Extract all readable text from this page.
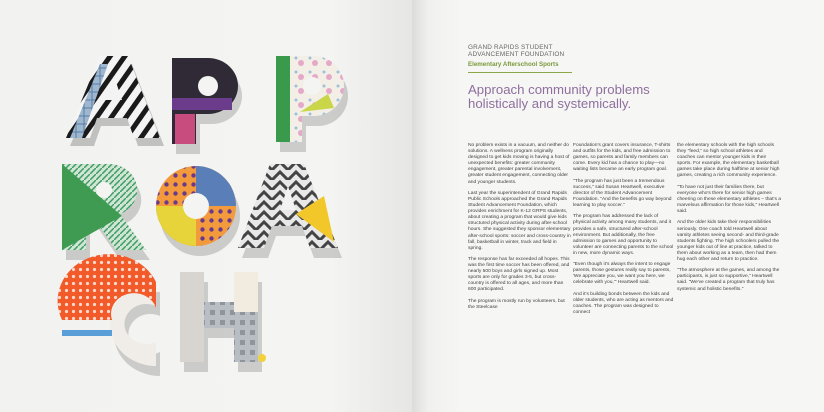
GRAND RAPIDS STUDENT
ADVANCEMENT FOUNDATION
Elementary Afterschool Sports
Approach community problems
holistically and systemically.

No problem exists in a vacuum, and neither do solutions. A wellness program originally designed to get kids moving is having a host of unexpected benefits: greater community engagement, greater parental involvement, greater student engagement, connecting older and younger students.

Last year the superintendent of Grand Rapids Public Schools approached the Grand Rapids Student Advancement Foundation, which provides enrichment for K-12 GRPS students, about creating a program that would give kids structured physical activity during after-school hours. She suggested they sponsor elementary after-school sports: soccer and cross-country in fall, basketball in winter, track and field in spring.

The response has far exceeded all hopes. This was the first time soccer has been offered, and nearly 500 boys and girls signed up. Most sports are only for grades 3-5, but cross-country is offered to all ages, and more than 600 participated.

The program is mostly run by volunteers, but the Steelcase

Foundation's grant covers insurance, T-shirts and outfits for the kids, and free admission to games, so parents and family members can come. Every kid has a chance to play—no waiting lists became an early program goal.

"The program has just been a tremendous success," said Susan Heartwell, executive director of the Student Advancement Foundation. "And the benefits go way beyond learning to play soccer."

The program has addressed the lack of physical activity among many students, and it provides a safe, structured after-school environment. But additionally, the free admission to games and opportunity to volunteer are connecting parents to the school in new, more dynamic ways.

"Even though it's always the intent to engage parents, those gestures really say to parents, 'We appreciate you, we want you here, we celebrate with you,'" Heartwell said.

And it's building bonds between the kids and older students, who are acting as mentors and coaches. The program was designed to connect

the elementary schools with the high schools they "feed," so high school athletes and coaches can mentor younger kids in their sports. For example, the elementary basketball games take place during halftime at senior high games, creating a rich community experience.

"To have not just their families there, but everyone who's there for senior high games cheering on these elementary athletes – that's a marvelous affirmation for those kids," Heartwell said.

And the older kids take their responsibilities seriously. One coach told Heartwell about varsity athletes seeing second- and third-grade students fighting. The high schoolers pulled the younger kids out of line at practice, talked to them about working as a team, then had them hug each other and return to practice.

"The atmosphere at the games, and among the participants, is just so supportive," Heartwell said. "We've created a program that truly has systemic and holistic benefits."
